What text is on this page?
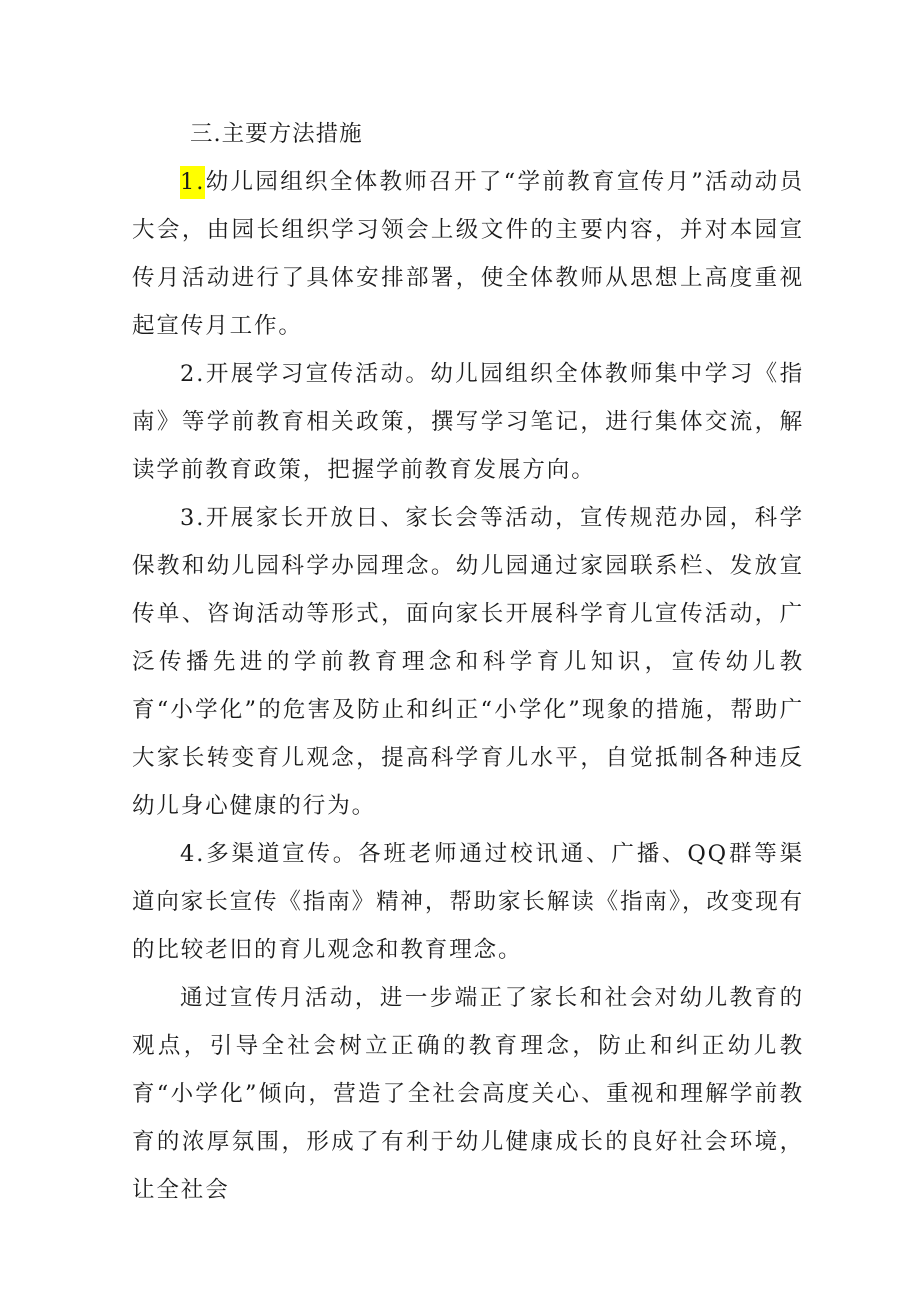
三.主要方法措施

1.幼儿园组织全体教师召开了“学前教育宣传月”活动动员大会，由园长组织学习领会上级文件的主要内容，并对本园宣传月活动进行了具体安排部署，使全体教师从思想上高度重视起宣传月工作。

2.开展学习宣传活动。幼儿园组织全体教师集中学习《指南》等学前教育相关政策，撰写学习笔记，进行集体交流，解读学前教育政策，把握学前教育发展方向。

3.开展家长开放日、家长会等活动，宣传规范办园，科学保教和幼儿园科学办园理念。幼儿园通过家园联系栏、发放宣传单、咨询活动等形式，面向家长开展科学育儿宣传活动，广泛传播先进的学前教育理念和科学育儿知识，宣传幼儿教育“小学化”的危害及防止和纠正“小学化”现象的措施，帮助广大家长转变育儿观念，提高科学育儿水平，自觉抵制各种违反幼儿身心健康的行为。

4.多渠道宣传。各班老师通过校讯通、广播、QQ群等渠道向家长宣传《指南》精神，帮助家长解读《指南》，改变现有的比较老旧的育儿观念和教育理念。

通过宣传月活动，进一步端正了家长和社会对幼儿教育的观点，引导全社会树立正确的教育理念，防止和纠正幼儿教育“小学化”倾向，营造了全社会高度关心、重视和理解学前教育的浓厚氛围，形成了有利于幼儿健康成长的良好社会环境，让全社会
